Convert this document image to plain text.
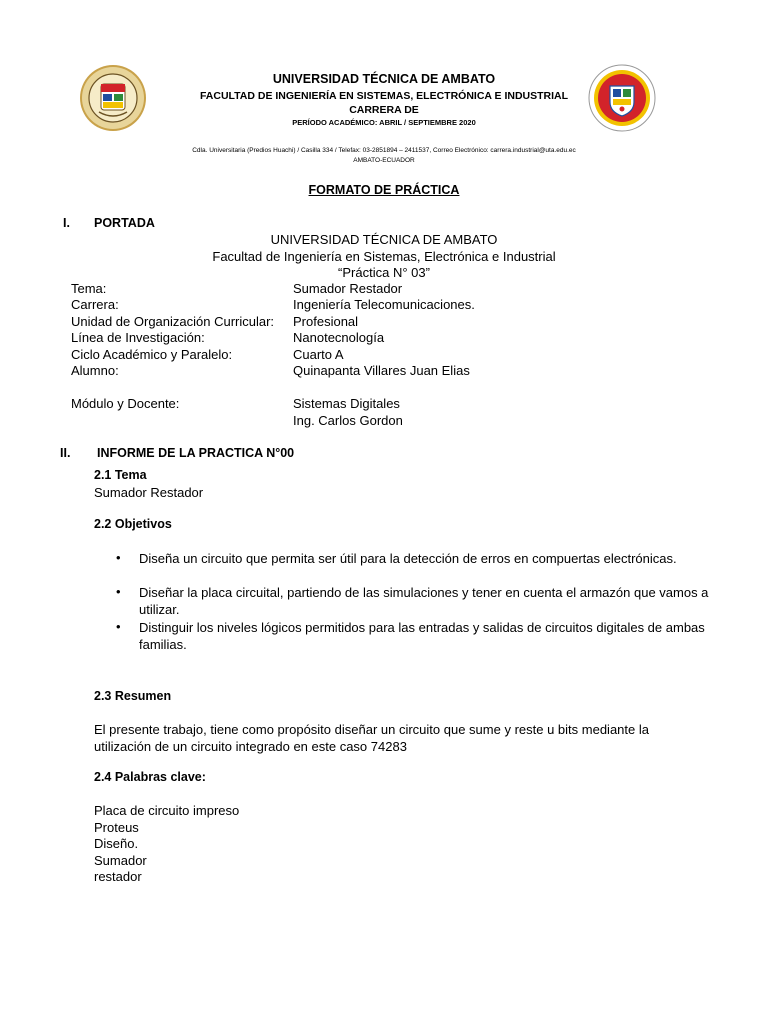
UNIVERSIDAD TÉCNICA DE AMBATO
FACULTAD DE INGENIERÍA EN SISTEMAS, ELECTRÓNICA E INDUSTRIAL
CARRERA DE
PERÍODO ACADÉMICO: ABRIL / SEPTIEMBRE 2020
Cdla. Universitaria (Predios Huachi) / Casilla 334 / Telefax: 03-2851894 – 2411537, Correo Electrónico: carrera.industrial@uta.edu.ec
AMBATO-ECUADOR
FORMATO DE PRÁCTICA
I. PORTADA
UNIVERSIDAD TÉCNICA DE AMBATO
Facultad de Ingeniería en Sistemas, Electrónica e Industrial
“Práctica N° 03”
Tema:	Sumador Restador
Carrera:	Ingeniería Telecomunicaciones.
Unidad de Organización Curricular: Profesional
Línea de Investigación:	Nanotecnología
Ciclo Académico y Paralelo:	Cuarto A
Alumno:	Quinapanta Villares Juan Elias
Módulo y Docente:	Sistemas Digitales
Ing. Carlos Gordon
II. INFORME DE LA PRACTICA N°00
2.1 Tema
Sumador Restador
2.2 Objetivos
• Diseña un circuito que permita ser útil para la detección de erros en compuertas electrónicas.
• Diseñar la placa circuital, partiendo de las simulaciones y tener en cuenta el armazón que vamos a utilizar.
• Distinguir los niveles lógicos permitidos para las entradas y salidas de circuitos digitales de ambas familias.
2.3 Resumen
El presente trabajo, tiene como propósito diseñar un circuito que sume y reste u bits mediante la utilización de un circuito integrado en este caso 74283
2.4 Palabras clave:
Placa de circuito impreso
Proteus
Diseño.
Sumador
restador
